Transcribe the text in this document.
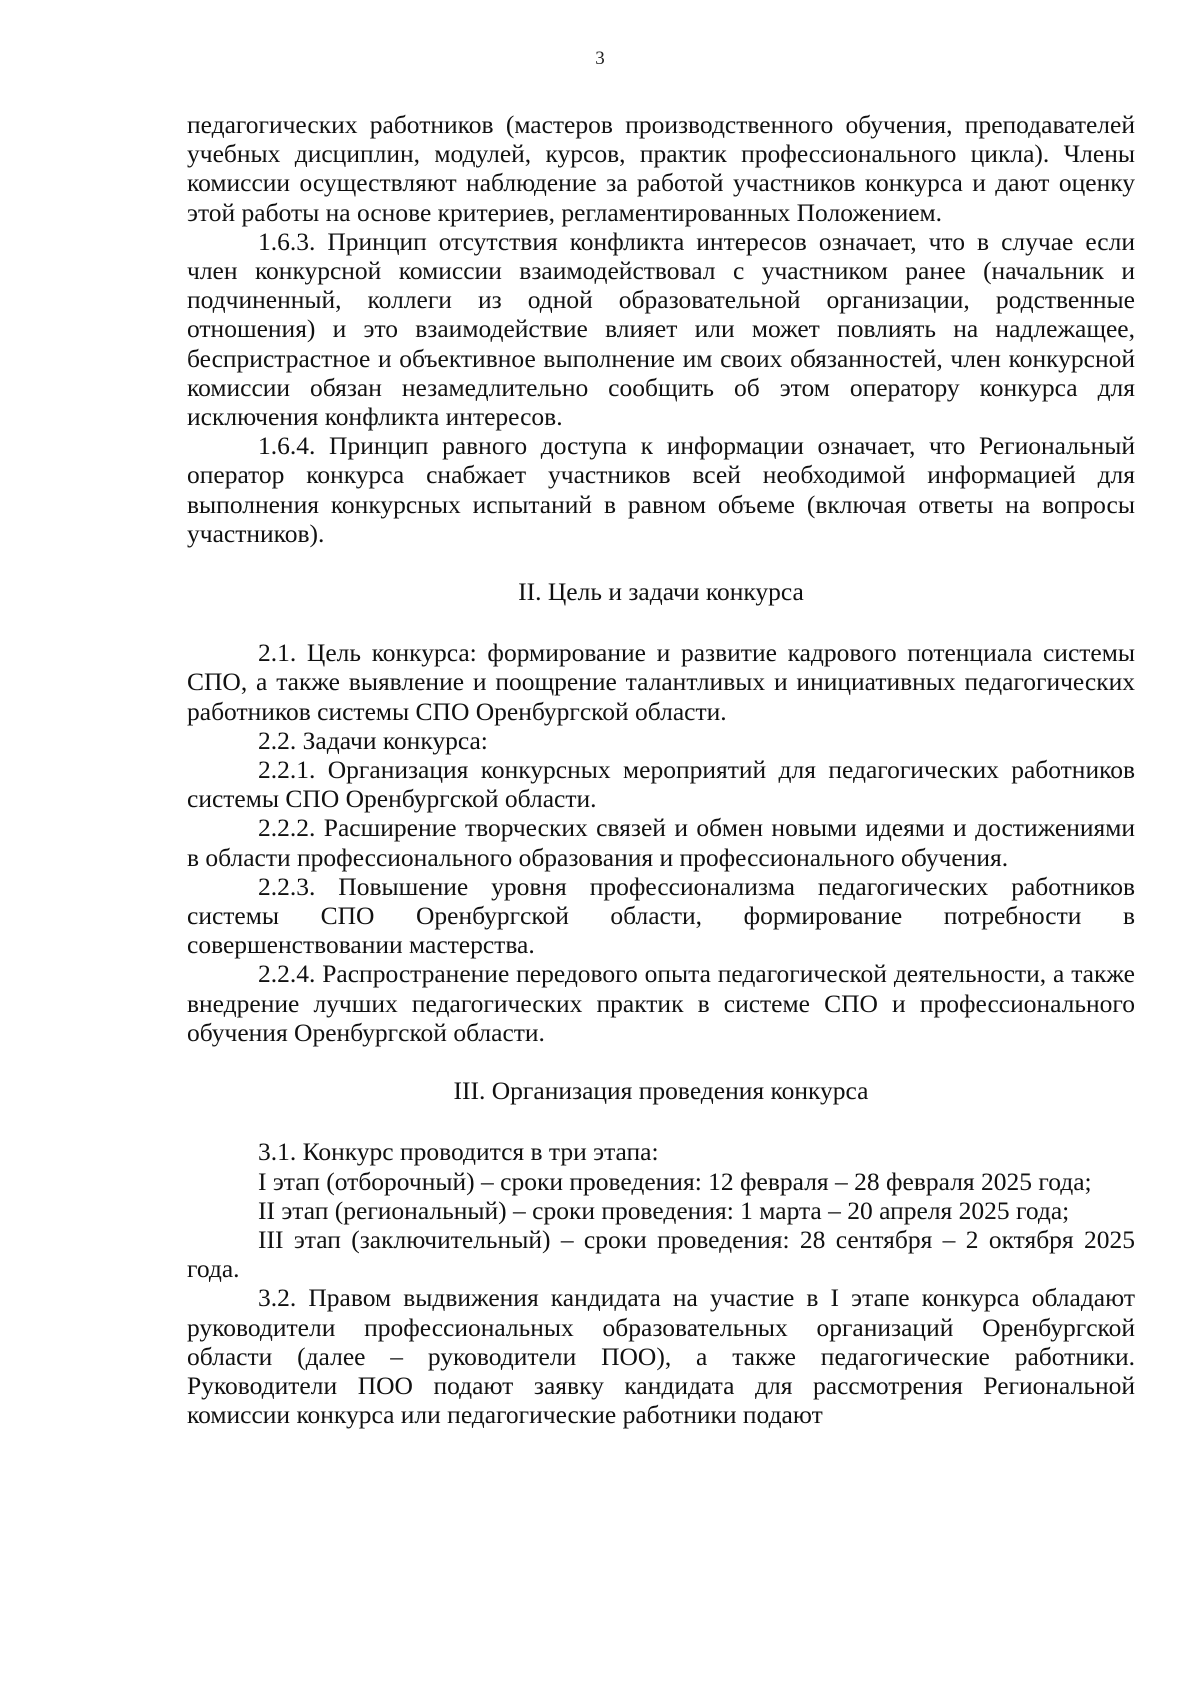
3

педагогических работников (мастеров производственного обучения, преподавателей учебных дисциплин, модулей, курсов, практик профессионального цикла). Члены комиссии осуществляют наблюдение за работой участников конкурса и дают оценку этой работы на основе критериев, регламентированных Положением.

1.6.3. Принцип отсутствия конфликта интересов означает, что в случае если член конкурсной комиссии взаимодействовал с участником ранее (начальник и подчиненный, коллеги из одной образовательной организации, родственные отношения) и это взаимодействие влияет или может повлиять на надлежащее, беспристрастное и объективное выполнение им своих обязанностей, член конкурсной комиссии обязан незамедлительно сообщить об этом оператору конкурса для исключения конфликта интересов.

1.6.4. Принцип равного доступа к информации означает, что Региональный оператор конкурса снабжает участников всей необходимой информацией для выполнения конкурсных испытаний в равном объеме (включая ответы на вопросы участников).

II. Цель и задачи конкурса

2.1. Цель конкурса: формирование и развитие кадрового потенциала системы СПО, а также выявление и поощрение талантливых и инициативных педагогических работников системы СПО Оренбургской области.

2.2. Задачи конкурса:

2.2.1. Организация конкурсных мероприятий для педагогических работников системы СПО Оренбургской области.

2.2.2. Расширение творческих связей и обмен новыми идеями и достижениями в области профессионального образования и профессионального обучения.

2.2.3. Повышение уровня профессионализма педагогических работников системы СПО Оренбургской области, формирование потребности в совершенствовании мастерства.

2.2.4. Распространение передового опыта педагогической деятельности, а также внедрение лучших педагогических практик в системе СПО и профессионального обучения Оренбургской области.

III. Организация проведения конкурса

3.1. Конкурс проводится в три этапа:

I этап (отборочный) – сроки проведения: 12 февраля – 28 февраля 2025 года;

II этап (региональный) – сроки проведения: 1 марта – 20 апреля 2025 года;

III этап (заключительный) – сроки проведения: 28 сентября – 2 октября 2025 года.

3.2. Правом выдвижения кандидата на участие в I этапе конкурса обладают руководители профессиональных образовательных организаций Оренбургской области (далее – руководители ПОО), а также педагогические работники. Руководители ПОО подают заявку кандидата для рассмотрения Региональной комиссии конкурса или педагогические работники подают
